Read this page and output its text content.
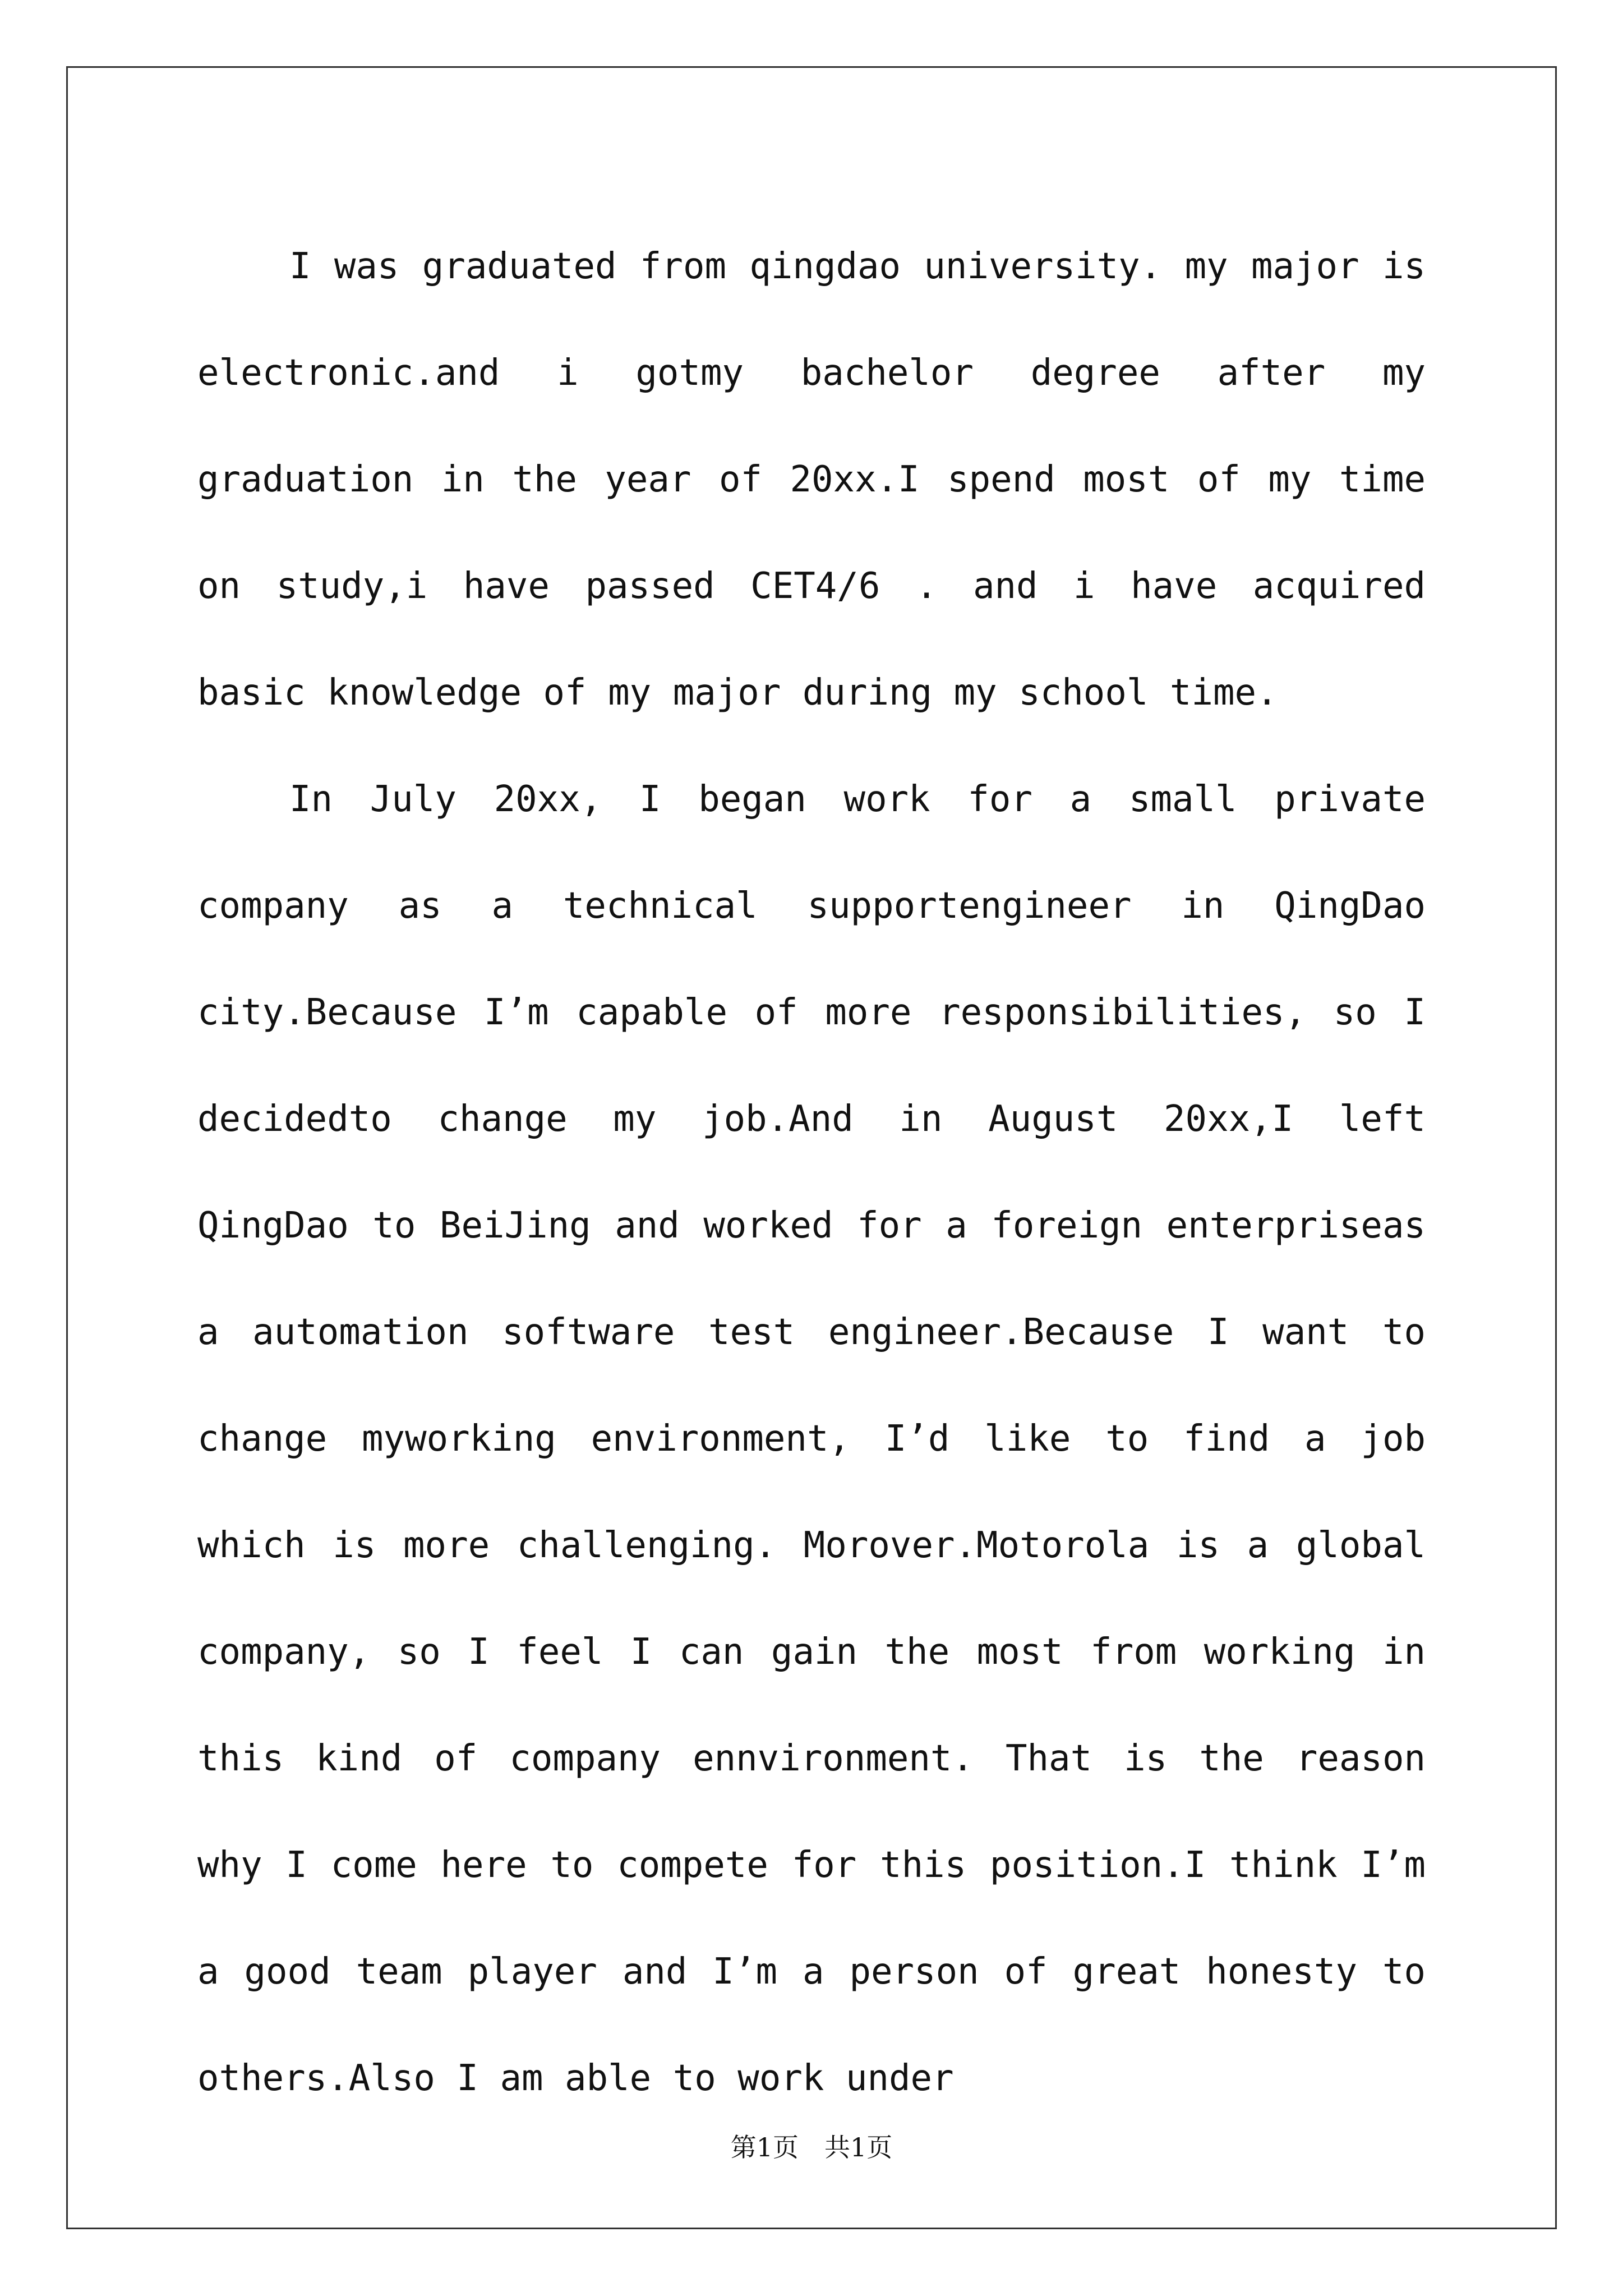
I was graduated from qingdao university. my major is electronic.and i gotmy bachelor degree after my graduation in the year of 20xx.I spend most of my time on study,i have passed CET4/6 . and i have acquired basic knowledge of my major during my school time.

In July 20xx, I began work for a small private company as a technical supportengineer in QingDao city.Because I’m capable of more responsibilities, so I decidedto change my job.And in August 20xx,I left QingDao to BeiJing and worked for a foreign enterpriseas a automation software test engineer.Because I want to change myworking environment, I’d like to find a job which is more challenging. Morover.Motorola is a global company, so I feel I can gain the most from working in this kind of company ennvironment. That is the reason why I come here to compete for this position.I think I’m a good team player and I’m a person of great honesty to others.Also I am able to work under

第1页　共1页
